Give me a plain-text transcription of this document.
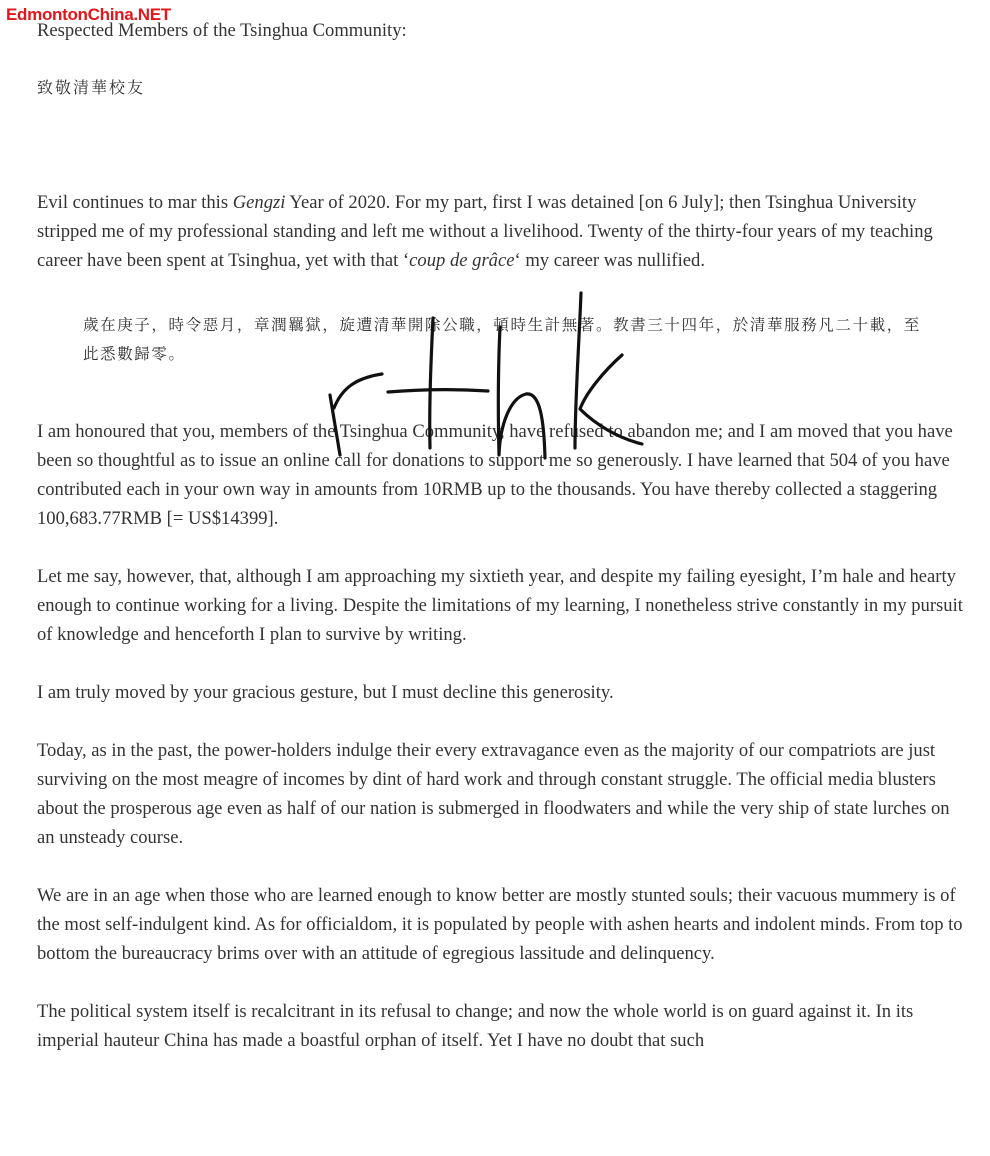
EdmontonChina.NET

Respected Members of the Tsinghua Community:

致敬清華校友

Evil continues to mar this Gengzi Year of 2020. For my part, first I was detained [on 6 July]; then Tsinghua University stripped me of my professional standing and left me without a livelihood. Twenty of the thirty-four years of my teaching career have been spent at Tsinghua, yet with that ‘coup de grâce‘ my career was nullified.

歲在庚子，時令惡月，章潤羈獄，旋遭清華開除公職，頓時生計無著。教書三十四年，於清華服務凡二十載，至此悉數歸零。

I am honoured that you, members of the Tsinghua Community, have refused to abandon me; and I am moved that you have been so thoughtful as to issue an online call for donations to support me so generously. I have learned that 504 of you have contributed each in your own way in amounts from 10RMB up to the thousands. You have thereby collected a staggering 100,683.77RMB [= US$14399].

Let me say, however, that, although I am approaching my sixtieth year, and despite my failing eyesight, I’m hale and hearty enough to continue working for a living. Despite the limitations of my learning, I nonetheless strive constantly in my pursuit of knowledge and henceforth I plan to survive by writing.

I am truly moved by your gracious gesture, but I must decline this generosity.

Today, as in the past, the power-holders indulge their every extravagance even as the majority of our compatriots are just surviving on the most meagre of incomes by dint of hard work and through constant struggle. The official media blusters about the prosperous age even as half of our nation is submerged in floodwaters and while the very ship of state lurches on an unsteady course.

We are in an age when those who are learned enough to know better are mostly stunted souls; their vacuous mummery is of the most self-indulgent kind. As for officialdom, it is populated by people with ashen hearts and indolent minds. From top to bottom the bureaucracy brims over with an attitude of egregious lassitude and delinquency.

The political system itself is recalcitrant in its refusal to change; and now the whole world is on guard against it. In its imperial hauteur China has made a boastful orphan of itself. Yet I have no doubt that such
